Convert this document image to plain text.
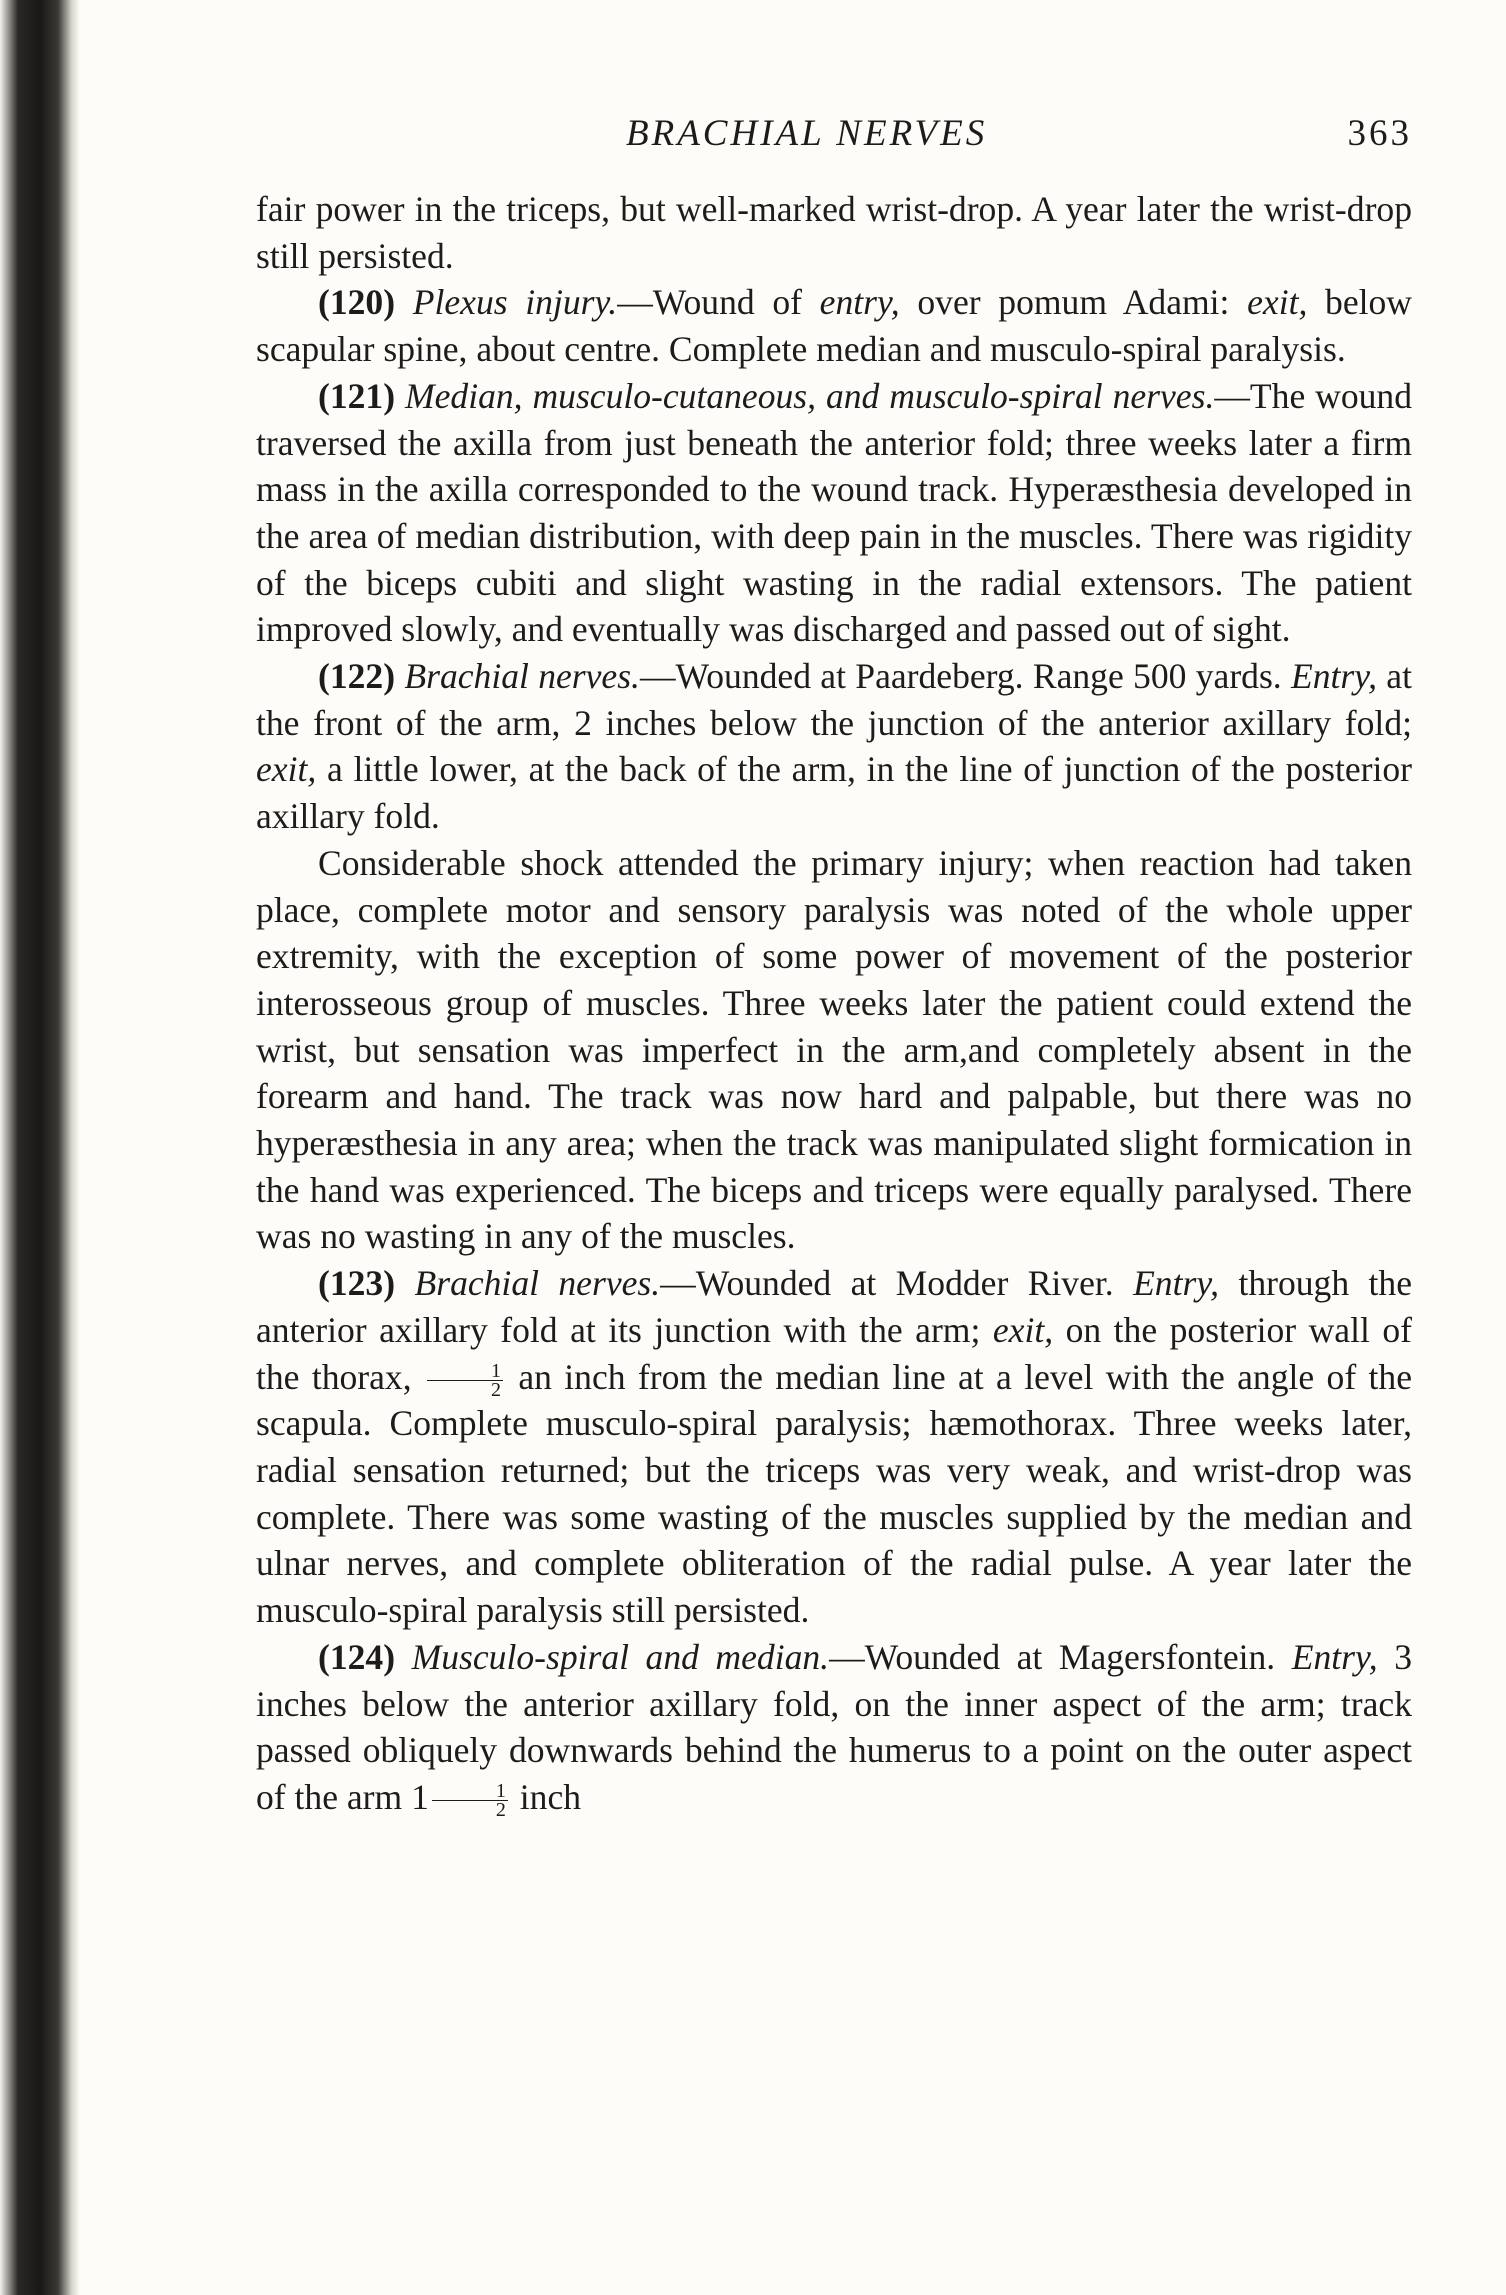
BRACHIAL NERVES	363

fair power in the triceps, but well-marked wrist-drop. A year later the wrist-drop still persisted.

(120) Plexus injury.—Wound of entry, over pomum Adami: exit, below scapular spine, about centre. Complete median and musculo-spiral paralysis.

(121) Median, musculo-cutaneous, and musculo-spiral nerves.—The wound traversed the axilla from just beneath the anterior fold; three weeks later a firm mass in the axilla corresponded to the wound track. Hyperæsthesia developed in the area of median distribution, with deep pain in the muscles. There was rigidity of the biceps cubiti and slight wasting in the radial extensors. The patient improved slowly, and eventually was discharged and passed out of sight.

(122) Brachial nerves.—Wounded at Paardeberg. Range 500 yards. Entry, at the front of the arm, 2 inches below the junction of the anterior axillary fold; exit, a little lower, at the back of the arm, in the line of junction of the posterior axillary fold.

Considerable shock attended the primary injury; when reaction had taken place, complete motor and sensory paralysis was noted of the whole upper extremity, with the exception of some power of movement of the posterior interosseous group of muscles. Three weeks later the patient could extend the wrist, but sensation was imperfect in the arm,and completely absent in the forearm and hand. The track was now hard and palpable, but there was no hyperæsthesia in any area; when the track was manipulated slight formication in the hand was experienced. The biceps and triceps were equally paralysed. There was no wasting in any of the muscles.

(123) Brachial nerves.—Wounded at Modder River. Entry, through the anterior axillary fold at its junction with the arm; exit, on the posterior wall of the thorax, $\frac{1}{2}$ an inch from the median line at a level with the angle of the scapula. Complete musculo-spiral paralysis; hæmothorax. Three weeks later, radial sensation returned; but the triceps was very weak, and wrist-drop was complete. There was some wasting of the muscles supplied by the median and ulnar nerves, and complete obliteration of the radial pulse. A year later the musculo-spiral paralysis still persisted.

(124) Musculo-spiral and median.—Wounded at Magersfontein. Entry, 3 inches below the anterior axillary fold, on the inner aspect of the arm; track passed obliquely downwards behind the humerus to a point on the outer aspect of the arm $1 \frac{1}{2}$ inch
